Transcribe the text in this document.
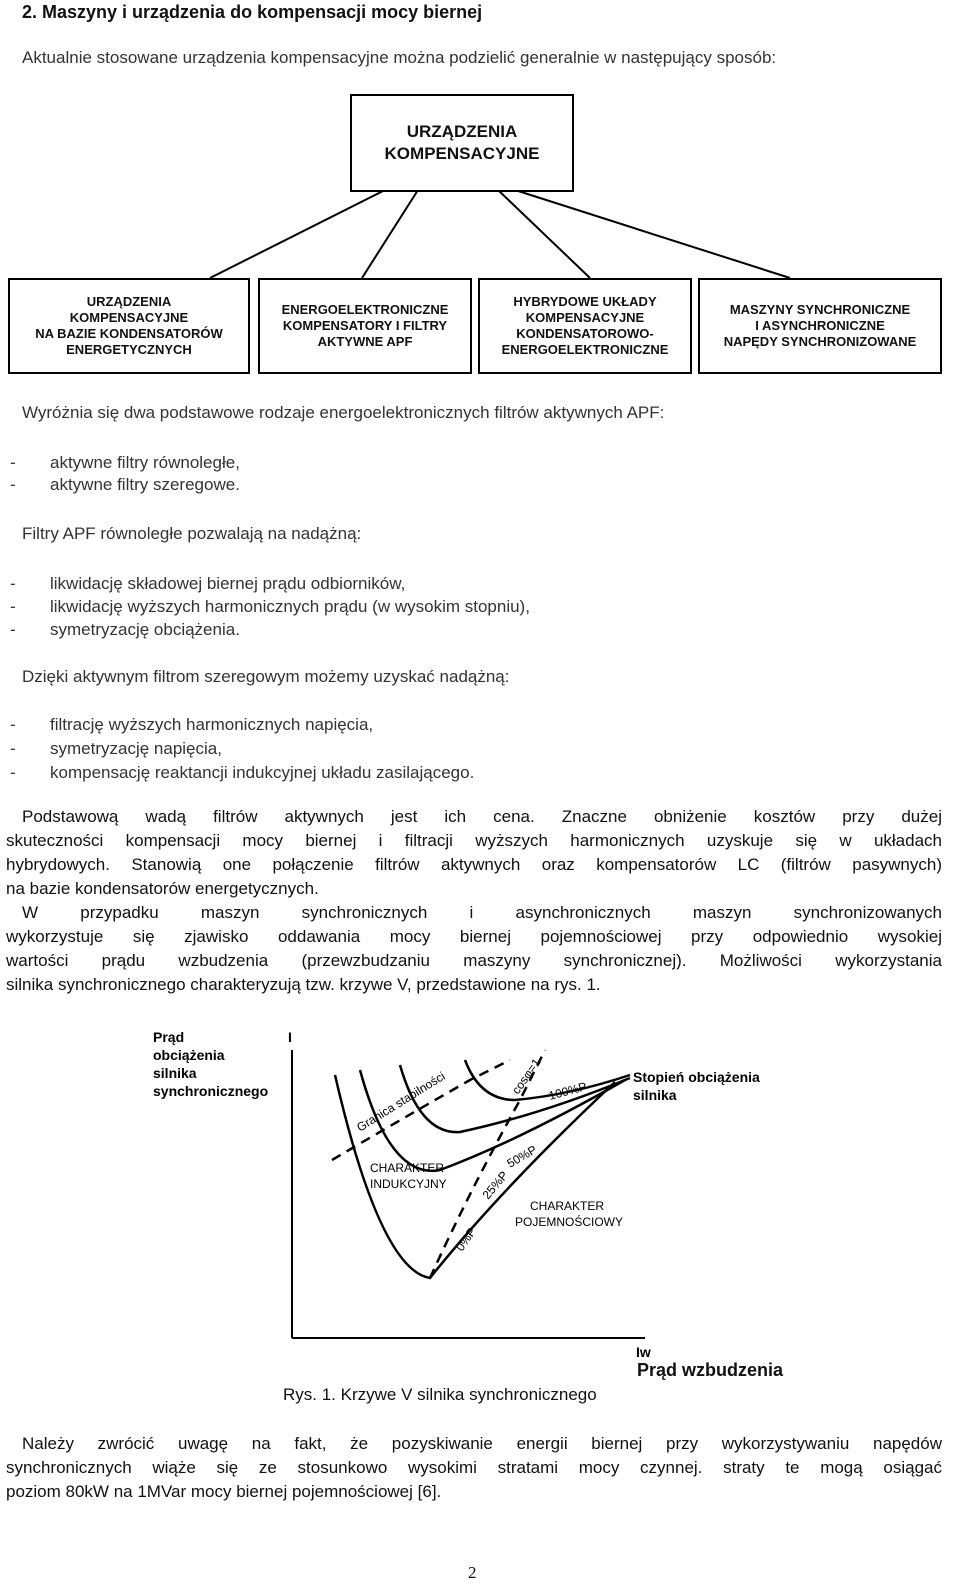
2. Maszyny i urządzenia do kompensacji mocy biernej
Aktualnie stosowane urządzenia kompensacyjne można podzielić generalnie w następujący sposób:
URZĄDZENIA
KOMPENSACYJNE
URZĄDZENIA
KOMPENSACYJNE
NA BAZIE KONDENSATORÓW
ENERGETYCZNYCH
ENERGOELEKTRONICZNE
KOMPENSATORY I FILTRY
AKTYWNE APF
HYBRYDOWE UKŁADY
KOMPENSACYJNE
KONDENSATOROWO-
ENERGOELEKTRONICZNE
MASZYNY SYNCHRONICZNE
I ASYNCHRONICZNE
NAPĘDY SYNCHRONIZOWANE
Wyróżnia się dwa podstawowe rodzaje energoelektronicznych filtrów aktywnych APF:
- aktywne filtry równoległe,
- aktywne filtry szeregowe.
Filtry APF równoległe pozwalają na nadążną:
- likwidację składowej biernej prądu odbiorników,
- likwidację wyższych harmonicznych prądu (w wysokim stopniu),
- symetryzację obciążenia.
Dzięki aktywnym filtrom szeregowym możemy uzyskać nadążną:
- filtrację wyższych harmonicznych napięcia,
- symetryzację napięcia,
- kompensację reaktancji indukcyjnej układu zasilającego.
Podstawową wadą filtrów aktywnych jest ich cena. Znaczne obniżenie kosztów przy dużej
skuteczności kompensacji mocy biernej i filtracji wyższych harmonicznych uzyskuje się w układach
hybrydowych. Stanowią one połączenie filtrów aktywnych oraz kompensatorów LC (filtrów pasywnych)
na bazie kondensatorów energetycznych.
W przypadku maszyn synchronicznych i asynchronicznych maszyn synchronizowanych
wykorzystuje się zjawisko oddawania mocy biernej pojemnościowej przy odpowiednio wysokiej
wartości prądu wzbudzenia (przewzbudzaniu maszyny synchronicznej). Możliwości wykorzystania
silnika synchronicznego charakteryzują tzw. krzywe V, przedstawione na rys. 1.
Prąd
obciążenia
silnika
synchronicznego
I
Stopień obciążenia
silnika
Iw
Granica stabilności	cosφ=1 100%P
50%P
25%P
0%P
CHARAKTER
INDUKCYJNY
CHARAKTER
POJEMNOŚCIOWY
Prąd wzbudzenia
Rys. 1. Krzywe V silnika synchronicznego
Należy zwrócić uwagę na fakt, że pozyskiwanie energii biernej przy wykorzystywaniu napędów
synchronicznych wiąże się ze stosunkowo wysokimi stratami mocy czynnej. straty te mogą osiągać
poziom 80kW na 1MVar mocy biernej pojemnościowej [6].
2
